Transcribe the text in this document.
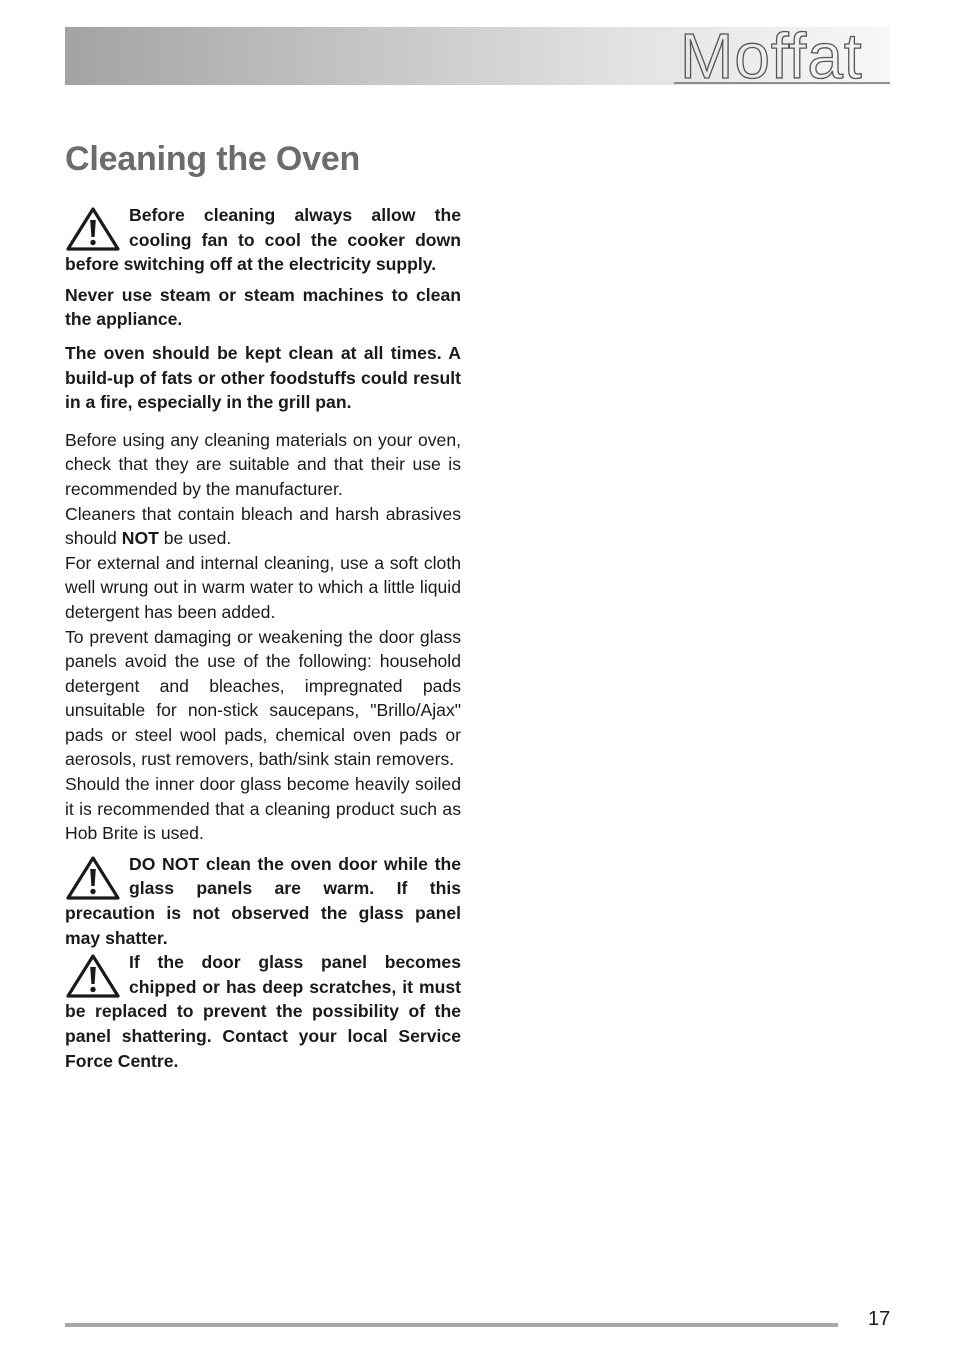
Moffat
Cleaning the Oven

Before cleaning always allow the cooling fan to cool the cooker down before switching off at the electricity supply.

Never use steam or steam machines to clean the appliance.

The oven should be kept clean at all times. A build-up of fats or other foodstuffs could result in a fire, especially in the grill pan.

Before using any cleaning materials on your oven, check that they are suitable and that their use is recommended by the manufacturer.

Cleaners that contain bleach and harsh abrasives should NOT be used.

For external and internal cleaning, use a soft cloth well wrung out in warm water to which a little liquid detergent has been added.

To prevent damaging or weakening the door glass panels avoid the use of the following: household detergent and bleaches, impregnated pads unsuitable for non-stick saucepans, "Brillo/Ajax" pads or steel wool pads, chemical oven pads or aerosols, rust removers, bath/sink stain removers.

Should the inner door glass become heavily soiled it is recommended that a cleaning product such as Hob Brite is used.

DO NOT clean the oven door while the glass panels are warm. If this precaution is not observed the glass panel may shatter.

If the door glass panel becomes chipped or has deep scratches, it must be replaced to prevent the possibility of the panel shattering. Contact your local Service Force Centre.

17
